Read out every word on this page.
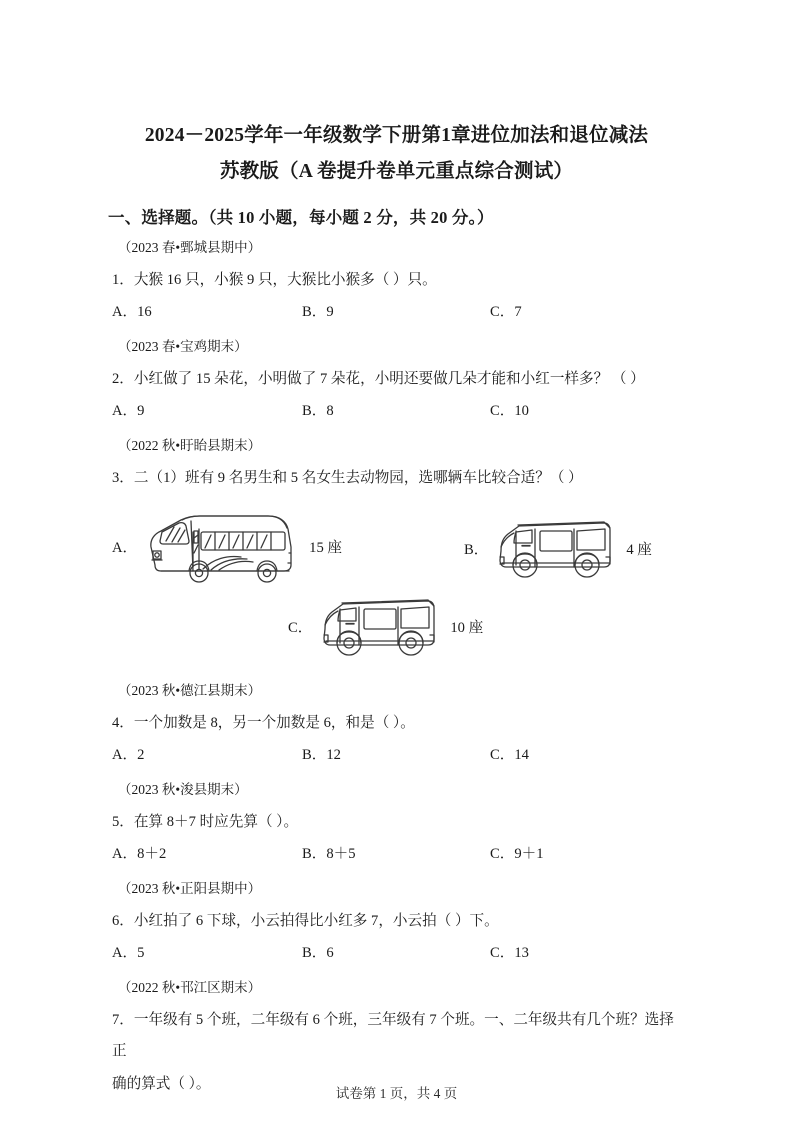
2024－2025学年一年级数学下册第1章进位加法和退位减法
苏教版（A 卷提升卷单元重点综合测试）
一、选择题。（共 10 小题，每小题 2 分，共 20 分。）
（2023 春•鄄城县期中）
1．大猴 16 只，小猴 9 只，大猴比小猴多（ ）只。
A．16	B．9	C．7
（2023 春•宝鸡期末）
2．小红做了 15 朵花，小明做了 7 朵花，小明还要做几朵才能和小红一样多？ （ ）
A．9	B．8	C．10
（2022 秋•盱眙县期末）
3．二（1）班有 9 名男生和 5 名女生去动物园，选哪辆车比较合适？（ ）
A．	15 座	B．	4 座
C．	10 座
（2023 秋•德江县期末）
4．一个加数是 8，另一个加数是 6，和是（ ）。
A．2	B．12	C．14
（2023 秋•浚县期末）
5．在算 8＋7 时应先算（ ）。
A．8＋2	B．8＋5	C．9＋1
（2023 秋•正阳县期中）
6．小红拍了 6 下球，小云拍得比小红多 7，小云拍（ ）下。
A．5	B．6	C．13
（2022 秋•邗江区期末）
7．一年级有 5 个班，二年级有 6 个班，三年级有 7 个班。一、二年级共有几个班？选择正
确的算式（ ）。
试卷第 1 页，共 4 页
